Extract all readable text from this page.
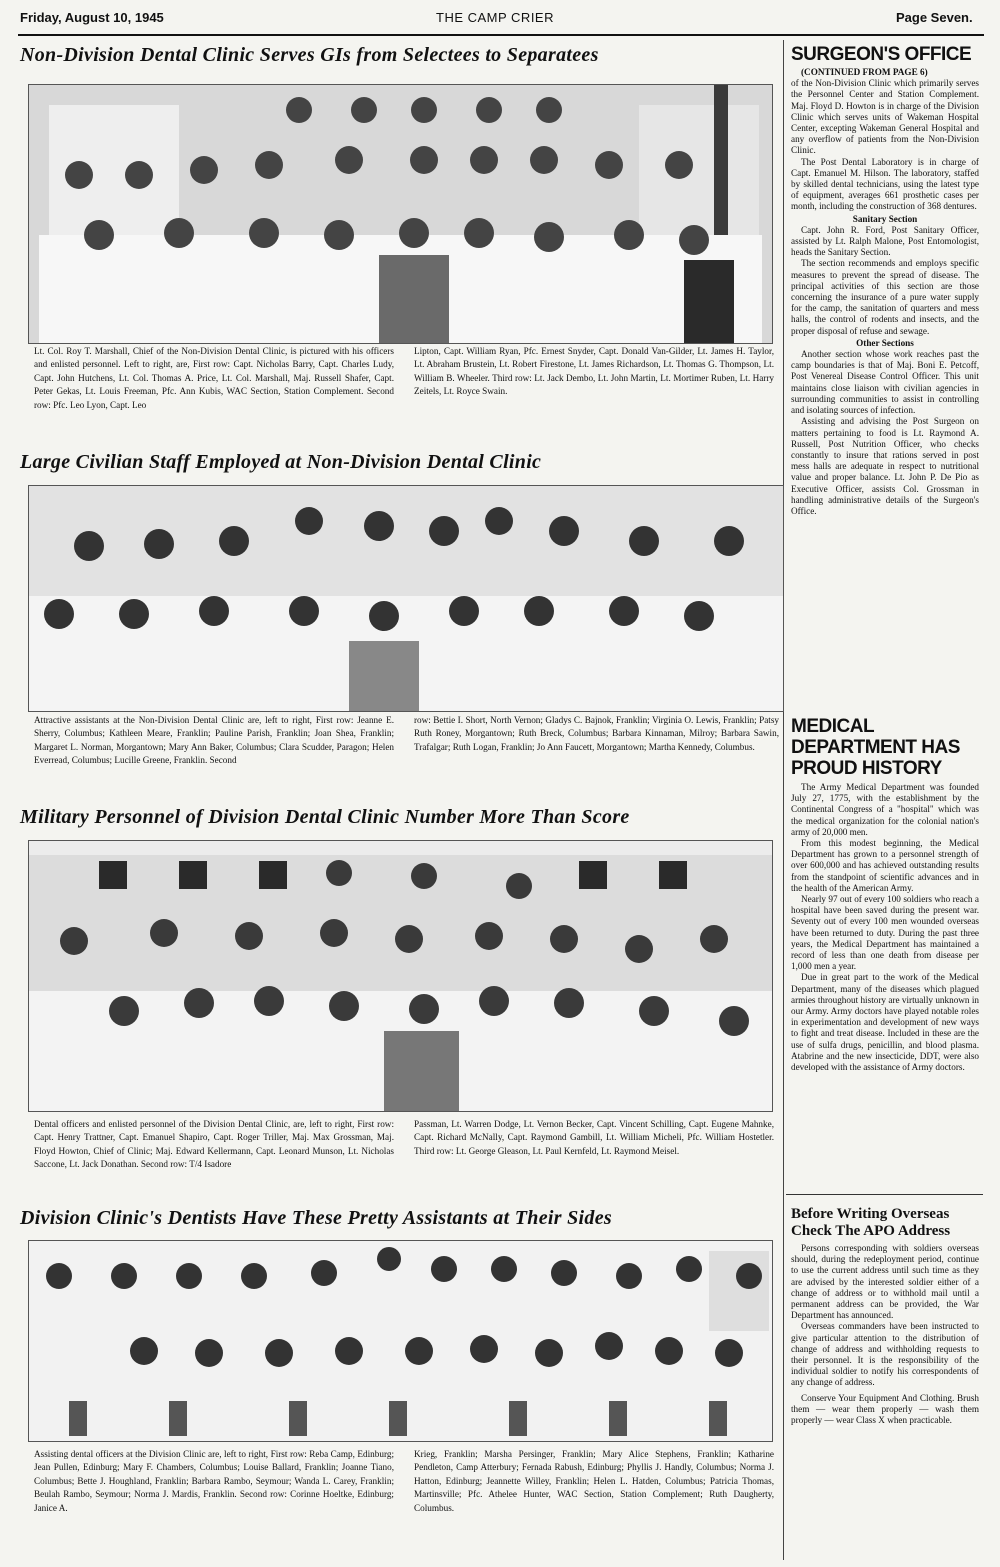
Friday, August 10, 1945	THE CAMP CRIER	Page Seven.
Non-Division Dental Clinic Serves GIs from Selectees to Separatees
Lt. Col. Roy T. Marshall, Chief of the Non-Division Dental Clinic, is pictured with his officers and enlisted personnel. Left to right, are, First row: Capt. Nicholas Barry, Capt. Charles Ludy, Capt. John Hutchens, Lt. Col. Thomas A. Price, Lt. Col. Marshall, Maj. Russell Shafer, Capt. Peter Gekas, Lt. Louis Freeman, Pfc. Ann Kubis, WAC Section, Station Complement. Second row: Pfc. Leo Lyon, Capt. Leo
Lipton, Capt. William Ryan, Pfc. Ernest Snyder, Capt. Donald Van-Gilder, Lt. James H. Taylor, Lt. Abraham Brustein, Lt. Robert Firestone, Lt. James Richardson, Lt. Thomas G. Thompson, Lt. William B. Wheeler. Third row: Lt. Jack Dembo, Lt. John Martin, Lt. Mortimer Ruben, Lt. Harry Zeitels, Lt. Royce Swain.
Large Civilian Staff Employed at Non-Division Dental Clinic
Attractive assistants at the Non-Division Dental Clinic are, left to right, First row: Jeanne E. Sherry, Columbus; Kathleen Meare, Franklin; Pauline Parish, Franklin; Joan Shea, Franklin; Margaret L. Norman, Morgantown; Mary Ann Baker, Columbus; Clara Scudder, Paragon; Helen Everread, Columbus; Lucille Greene, Franklin. Second
row: Bettie I. Short, North Vernon; Gladys C. Bajnok, Franklin; Virginia O. Lewis, Franklin; Patsy Ruth Roney, Morgantown; Ruth Breck, Columbus; Barbara Kinnaman, Milroy; Barbara Sawin, Trafalgar; Ruth Logan, Franklin; Jo Ann Faucett, Morgantown; Martha Kennedy, Columbus.
Military Personnel of Division Dental Clinic Number More Than Score
Dental officers and enlisted personnel of the Division Dental Clinic, are, left to right, First row: Capt. Henry Trattner, Capt. Emanuel Shapiro, Capt. Roger Triller, Maj. Max Grossman, Maj. Floyd Howton, Chief of Clinic; Maj. Edward Kellermann, Capt. Leonard Munson, Lt. Nicholas Saccone, Lt. Jack Donathan. Second row: T/4 Isadore
Passman, Lt. Warren Dodge, Lt. Vernon Becker, Capt. Vincent Schilling, Capt. Eugene Mahnke, Capt. Richard McNally, Capt. Raymond Gambill, Lt. William Micheli, Pfc. William Hostetler. Third row: Lt. George Gleason, Lt. Paul Kernfeld, Lt. Raymond Meisel.
Division Clinic's Dentists Have These Pretty Assistants at Their Sides
Assisting dental officers at the Division Clinic are, left to right, First row: Reba Camp, Edinburg; Jean Pullen, Edinburg; Mary F. Chambers, Columbus; Louise Ballard, Franklin; Joanne Tiano, Columbus; Bette J. Houghland, Franklin; Barbara Rambo, Seymour; Wanda L. Carey, Franklin; Beulah Rambo, Seymour; Norma J. Mardis, Franklin. Second row: Corinne Hoeltke, Edinburg; Janice A.
Krieg, Franklin; Marsha Persinger, Franklin; Mary Alice Stephens, Franklin; Katharine Pendleton, Camp Atterbury; Fernada Rabush, Edinburg; Phyllis J. Handly, Columbus; Norma J. Hatton, Edinburg; Jeannette Willey, Franklin; Helen L. Hatden, Columbus; Patricia Thomas, Martinsville; Pfc. Athelee Hunter, WAC Section, Station Complement; Ruth Daugherty, Columbus.
SURGEON'S OFFICE

(CONTINUED FROM PAGE 6)

of the Non-Division Clinic which primarily serves the Personnel Center and Station Complement. Maj. Floyd D. Howton is in charge of the Division Clinic which serves units of Wakeman Hospital Center, excepting Wakeman General Hospital and any overflow of patients from the Non-Division Clinic.

The Post Dental Laboratory is in charge of Capt. Emanuel M. Hilson. The laboratory, staffed by skilled dental technicians, using the latest type of equipment, averages 661 prosthetic cases per month, including the construction of 368 dentures.

Sanitary Section

Capt. John R. Ford, Post Sanitary Officer, assisted by Lt. Ralph Malone, Post Entomologist, heads the Sanitary Section.

The section recommends and employs specific measures to prevent the spread of disease. The principal activities of this section are those concerning the insurance of a pure water supply for the camp, the sanitation of quarters and mess halls, the control of rodents and insects, and the proper disposal of refuse and sewage.

Other Sections

Another section whose work reaches past the camp boundaries is that of Maj. Boni E. Petcoff, Post Venereal Disease Control Officer. This unit maintains close liaison with civilian agencies in surrounding communities to assist in controlling and isolating sources of infection.

Assisting and advising the Post Surgeon on matters pertaining to food is Lt. Raymond A. Russell, Post Nutrition Officer, who checks constantly to insure that rations served in post mess halls are adequate in respect to nutritional value and proper balance. Lt. John P. De Pio as Executive Officer, assists Col. Grossman in handling administrative details of the Surgeon's Office.

MEDICAL DEPARTMENT HAS PROUD HISTORY

The Army Medical Department was founded July 27, 1775, with the establishment by the Continental Congress of a "hospital" which was the medical organization for the colonial nation's army of 20,000 men.

From this modest beginning, the Medical Department has grown to a personnel strength of over 600,000 and has achieved outstanding results from the standpoint of scientific advances and in the health of the American Army.

Nearly 97 out of every 100 soldiers who reach a hospital have been saved during the present war. Seventy out of every 100 men wounded overseas have been returned to duty. During the past three years, the Medical Department has maintained a record of less than one death from disease per 1,000 men a year.

Due in great part to the work of the Medical Department, many of the diseases which plagued armies throughout history are virtually unknown in our Army. Army doctors have played notable roles in experimentation and development of new ways to fight and treat disease. Included in these are the use of sulfa drugs, penicillin, and blood plasma. Atabrine and the new insecticide, DDT, were also developed with the assistance of Army doctors.

Before Writing Overseas Check The APO Address

Persons corresponding with soldiers overseas should, during the redeployment period, continue to use the current address until such time as they are advised by the interested soldier either of a change of address or to withhold mail until a permanent address can be provided, the War Department has announced.

Overseas commanders have been instructed to give particular attention to the distribution of change of address and withholding requests to their personnel. It is the responsibility of the individual soldier to notify his correspondents of any change of address.

Conserve Your Equipment And Clothing. Brush them — wear them properly — wash them properly — wear Class X when practicable.
